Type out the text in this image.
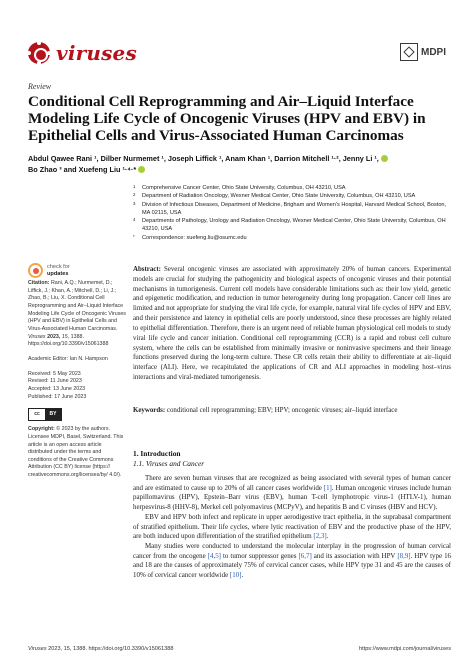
viruses	MDPI
Review
Conditional Cell Reprogramming and Air–Liquid Interface Modeling Life Cycle of Oncogenic Viruses (HPV and EBV) in Epithelial Cells and Virus-Associated Human Carcinomas
Abdul Qawee Rani ¹, Dilber Nurmemet ¹, Joseph Liffick ¹, Anam Khan ¹, Darrion Mitchell ¹·², Jenny Li ¹,
Bo Zhao ³ and Xuefeng Liu ¹·⁴·*
1	Comprehensive Cancer Center, Ohio State University, Columbus, OH 43210, USA
2	Department of Radiation Oncology, Wexner Medical Center, Ohio State University, Columbus, OH 43210, USA
3	Division of Infectious Diseases, Department of Medicine, Brigham and Women's Hospital, Harvard Medical School, Boston, MA 02115, USA
4	Departments of Pathology, Urology and Radiation Oncology, Wexner Medical Center, Ohio State University, Columbus, OH 43210, USA
*	Correspondence: xuefeng.liu@osumc.edu
Abstract: Several oncogenic viruses are associated with approximately 20% of human cancers. Experimental models are crucial for studying the pathogenicity and biological aspects of oncogenic viruses and their potential mechanisms in tumorigenesis. Current cell models have considerable limitations such as: their low yield, genetic and epigenetic modification, and reduction in tumor heterogeneity during long propagation. Cancer cell lines are limited and not appropriate for studying the viral life cycle, for example, natural viral life cycles of HPV and EBV, and their persistence and latency in epithelial cells are poorly understood, since these processes are highly related to epithelial differentiation. Therefore, there is an urgent need of reliable human physiological cell models to study viral life cycle and cancer initiation. Conditional cell reprogramming (CCR) is a rapid and robust cell culture system, where the cells can be established from minimally invasive or noninvasive specimens and their lineage functions preserved during the long-term culture. These CR cells retain their ability to differentiate at air–liquid interface (ALI). Here, we recapitulated the applications of CR and ALI approaches in modeling host–virus interactions and viral-mediated tumorigenesis.
Keywords: conditional cell reprogramming; EBV; HPV; oncogenic viruses; air–liquid interface
check for
updates
Citation: Rani, A.Q.; Nurmemet, D.; Liffick, J.; Khan, A.; Mitchell, D.; Li, J.; Zhao, B.; Liu, X. Conditional Cell Reprogramming and Air–Liquid Interface Modeling Life Cycle of Oncogenic Viruses (HPV and EBV) in Epithelial Cells and Virus-Associated Human Carcinomas. Viruses 2023, 15, 1388. https://doi.org/10.3390/v15061388
Academic Editor: Ian N. Hampson
Received: 5 May 2023
Revised: 11 June 2023
Accepted: 13 June 2023
Published: 17 June 2023
cc	BY
Copyright: © 2023 by the authors. Licensee MDPI, Basel, Switzerland. This article is an open access article distributed under the terms and conditions of the Creative Commons Attribution (CC BY) license (https:// creativecommons.org/licenses/by/ 4.0/).
1. Introduction
1.1. Viruses and Cancer

There are seven human viruses that are recognized as being associated with several types of human cancer and are estimated to cause up to 20% of all cancer cases worldwide [1]. Human oncogenic viruses include human papillomavirus (HPV), Epstein–Barr virus (EBV), human T-cell lymphotropic virus-1 (HTLV-1), human herpesvirus-8 (HHV-8), Merkel cell polyomavirus (MCPyV), and hepatitis B and C viruses (HBV and HCV).

EBV and HPV both infect and replicate in upper aerodigestive tract epithelia, in the suprabasal compartment of stratified epithelium. Their life cycles, where lytic reactivation of EBV and the productive phase of the HPV, are both induced upon differentiation of the stratified epithelium [2,3].

Many studies were conducted to understand the molecular interplay in the progression of human cervical cancer from the oncogene [4,5] to tumor suppressor genes [6,7] and its association with HPV [8,9]. HPV type 16 and 18 are the causes of approximately 75% of cervical cancer cases, while HPV type 31 and 45 are the causes of 10% of cervical cancer worldwide [10].

Viruses 2023, 15, 1388. https://doi.org/10.3390/v15061388	https://www.mdpi.com/journal/viruses
